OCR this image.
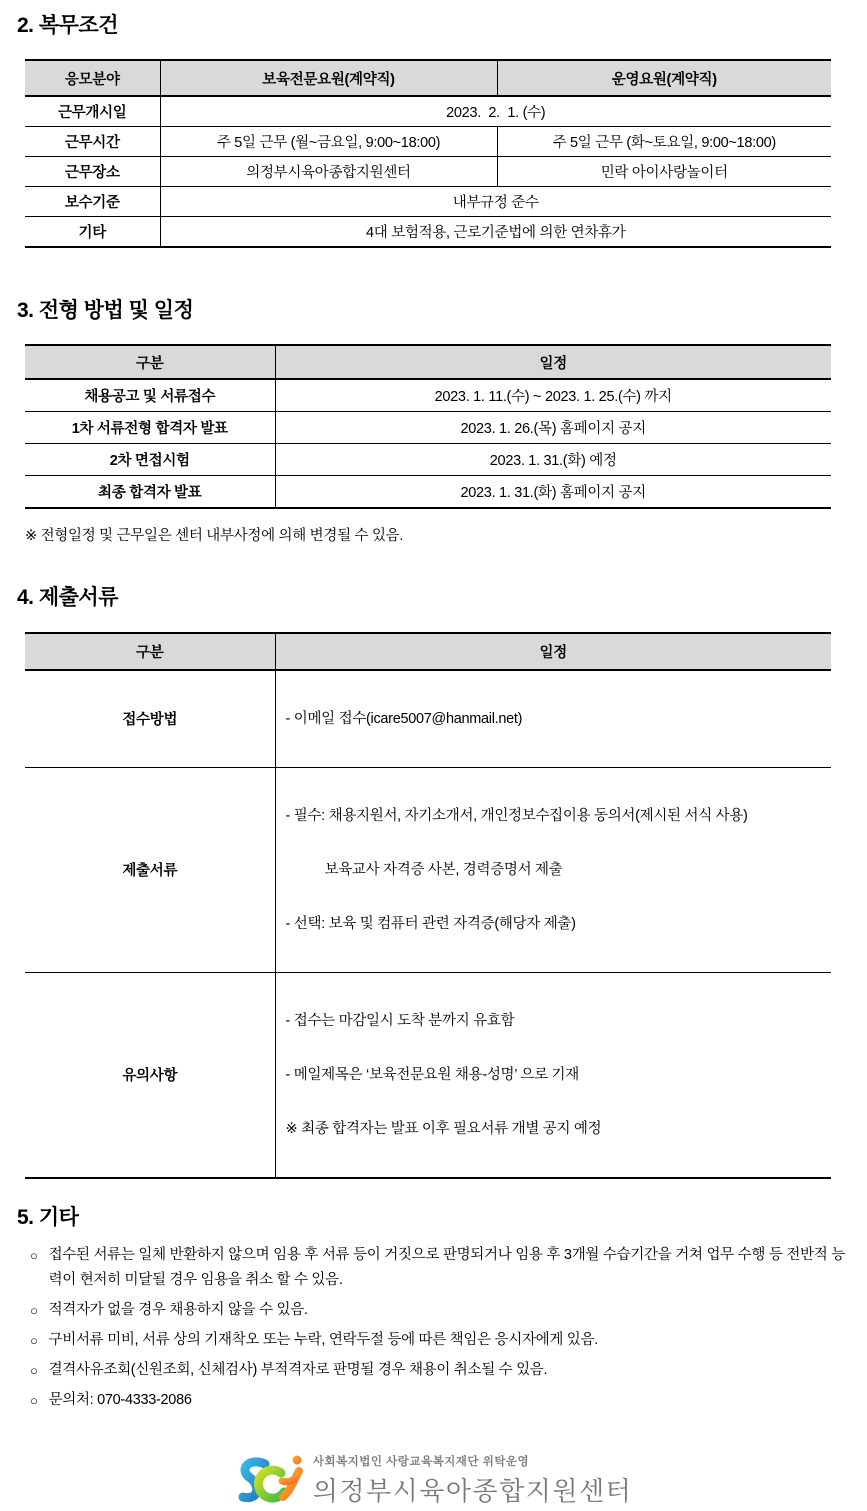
2. 복무조건
응모분야	보육전문요원(계약직)	운영요원(계약직)
근무개시일	2023.  2.  1. (수)	
근무시간	주 5일 근무 (월~금요일, 9:00~18:00)	주 5일 근무 (화~토요일, 9:00~18:00)
근무장소	의정부시육아종합지원센터	민락 아이사랑놀이터
보수기준	내부규정 준수	
기타	4대 보험적용, 근로기준법에 의한 연차휴가	
3. 전형 방법 및 일정
구분	일정
채용공고 및 서류접수	2023. 1. 11.(수) ~ 2023. 1. 25.(수) 까지
1차 서류전형 합격자 발표	2023. 1. 26.(목) 홈페이지 공지
2차 면접시험	2023. 1. 31.(화) 예정
최종 합격자 발표	2023. 1. 31.(화) 홈페이지 공지

※ 전형일정 및 근무일은 센터 내부사정에 의해 변경될 수 있음.

4. 제출서류
구분	일정
접수방법	- 이메일 접수(icare5007@hanmail.net)

제출서류	- 필수: 채용지원서, 자기소개서, 개인정보수집이용 동의서(제시된 서식 사용)

보육교사 자격증 사본, 경력증명서 제출

- 선택: 보육 및 컴퓨터 관련 자격증(해당자 제출)

유의사항	- 접수는 마감일시 도착 분까지 유효함

- 메일제목은 ‘보육전문요원 채용-성명’ 으로 기재

※ 최종 합격자는 발표 이후 필요서류 개별 공지 예정

5. 기타
○ 접수된 서류는 일체 반환하지 않으며 임용 후 서류 등이 거짓으로 판명되거나 임용 후 3개월 수습기간을 거쳐 업무 수행 등 전반적 능력이 현저히 미달될 경우 임용을 취소 할 수 있음.
○ 적격자가 없을 경우 채용하지 않을 수 있음.
○ 구비서류 미비, 서류 상의 기재착오 또는 누락, 연락두절 등에 따른 책임은 응시자에게 있음.
○ 결격사유조회(신원조회, 신체검사) 부적격자로 판명될 경우 채용이 취소될 수 있음.
○ 문의처: 070-4333-2086
사회복지법인 사랑교육복지재단 위탁운영
의정부시육아종합지원센터
